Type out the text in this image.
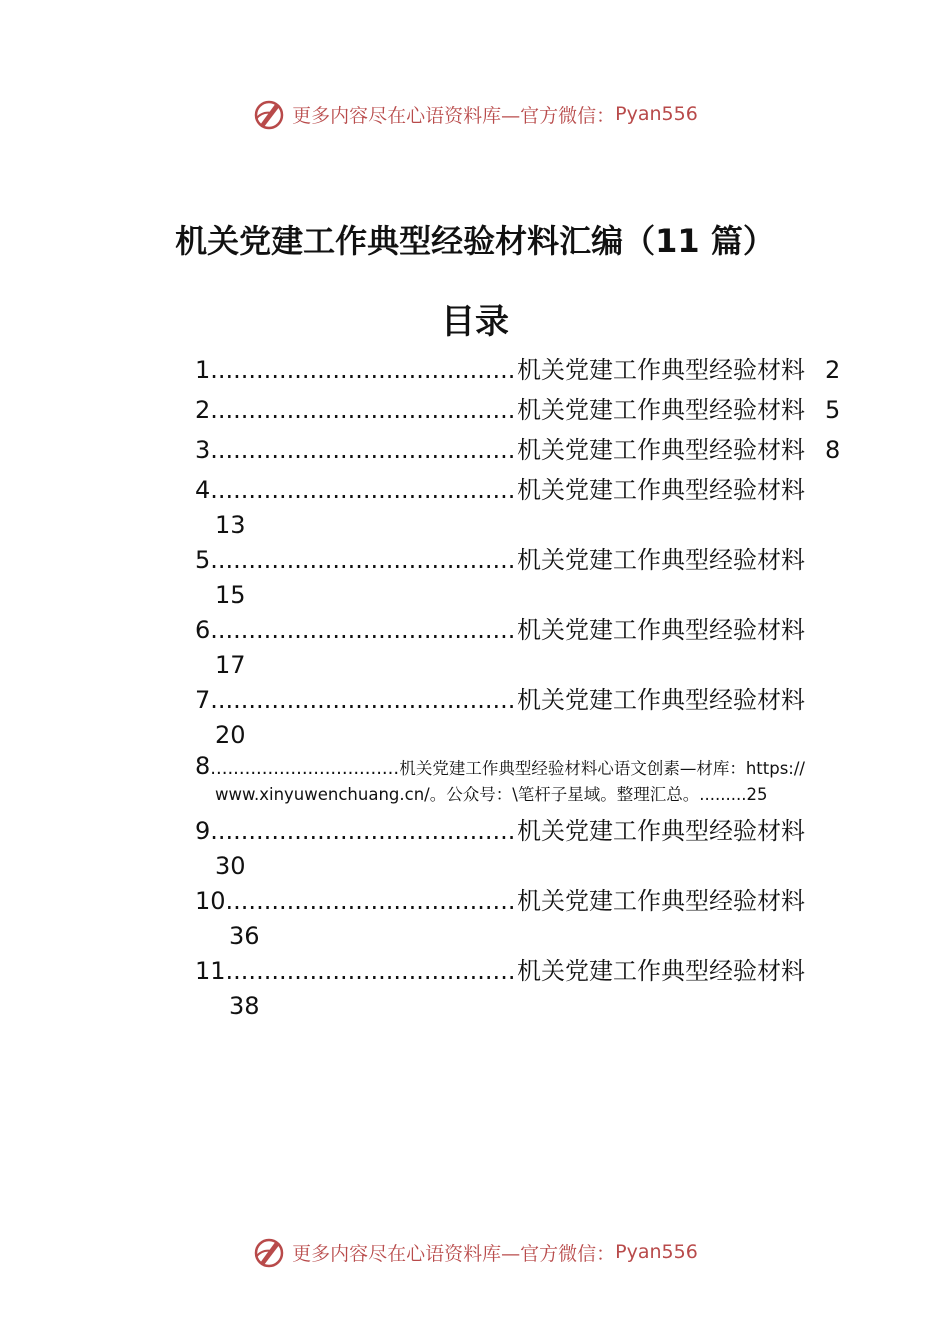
更多内容尽在心语资料库—官方微信： Pyan556
机关党建工作典型经验材料汇编（11 篇）
目录
1 .....	机关党建工作典型经验材料 2
2 .....	机关党建工作典型经验材料 5
3 .....	机关党建工作典型经验材料 8
4 .....	机关党建工作典型经验材料
13
5 .....	机关党建工作典型经验材料
15
6 .....	机关党建工作典型经验材料
17
7 .....	机关党建工作典型经验材料
20
8 .....	机关党建工作典型经验材料心语文创素—材库：https://
www.xinyuwenchuang.cn/。公众号：\笔杆子星域。整理汇总。.........25
9 .....	机关党建工作典型经验材料
30
10 .....	机关党建工作典型经验材料
36
11 .....	机关党建工作典型经验材料
38
更多内容尽在心语资料库—官方微信： Pyan556
